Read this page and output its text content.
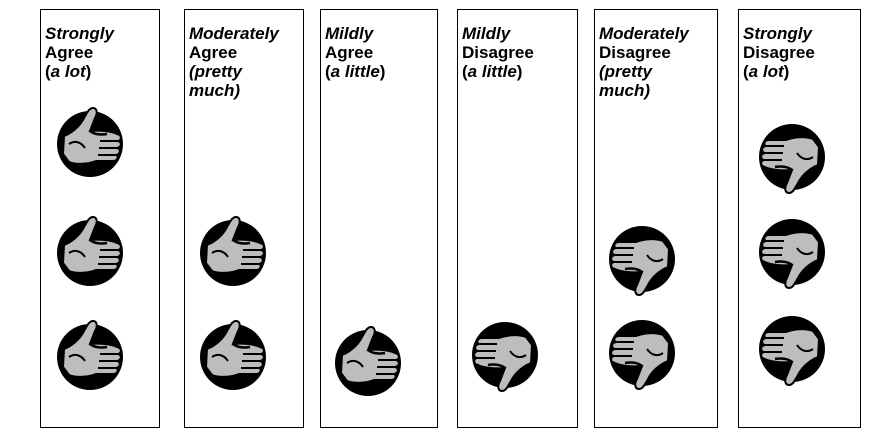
Strongly
Agree
(a lot)
Moderately
Agree
(pretty
much)
Mildly
Agree
(a little)
Mildly
Disagree
(a little)
Moderately
Disagree
(pretty
much)
Strongly
Disagree
(a lot)
